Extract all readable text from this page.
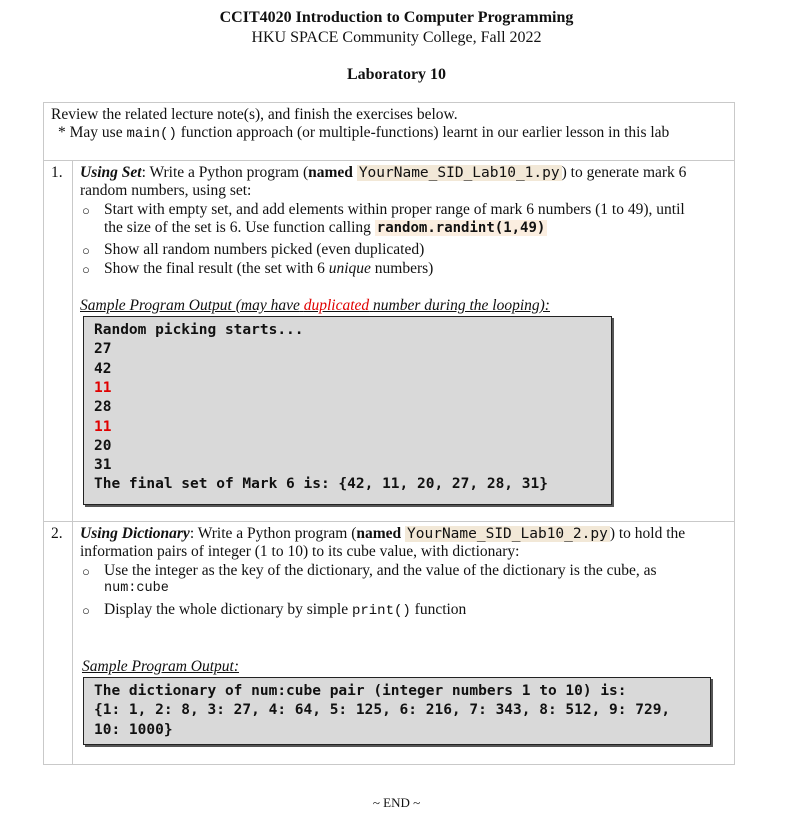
CCIT4020 Introduction to Computer Programming
HKU SPACE Community College, Fall 2022
Laboratory 10
Review the related lecture note(s), and finish the exercises below.
* May use main() function approach (or multiple-functions) learnt in our earlier lesson in this lab
1. Using Set: Write a Python program (named YourName_SID_Lab10_1.py ) to generate mark 6
random numbers, using set:
○ Start with empty set, and add elements within proper range of mark 6 numbers (1 to 49), until
the size of the set is 6. Use function calling random.randint(1,49)
○ Show all random numbers picked (even duplicated)
○ Show the final result (the set with 6 unique numbers)
Sample Program Output (may have duplicated number during the looping):
Random picking starts...
27
42
11
28
11
20
31
The final set of Mark 6 is: {42, 11, 20, 27, 28, 31}
2. Using Dictionary: Write a Python program (named YourName_SID_Lab10_2.py ) to hold the
information pairs of integer (1 to 10) to its cube value, with dictionary:
○ Use the integer as the key of the dictionary, and the value of the dictionary is the cube, as
num:cube
○ Display the whole dictionary by simple print() function
Sample Program Output:
The dictionary of num:cube pair (integer numbers 1 to 10) is:
{1: 1, 2: 8, 3: 27, 4: 64, 5: 125, 6: 216, 7: 343, 8: 512, 9: 729,
10: 1000}
~ END ~
